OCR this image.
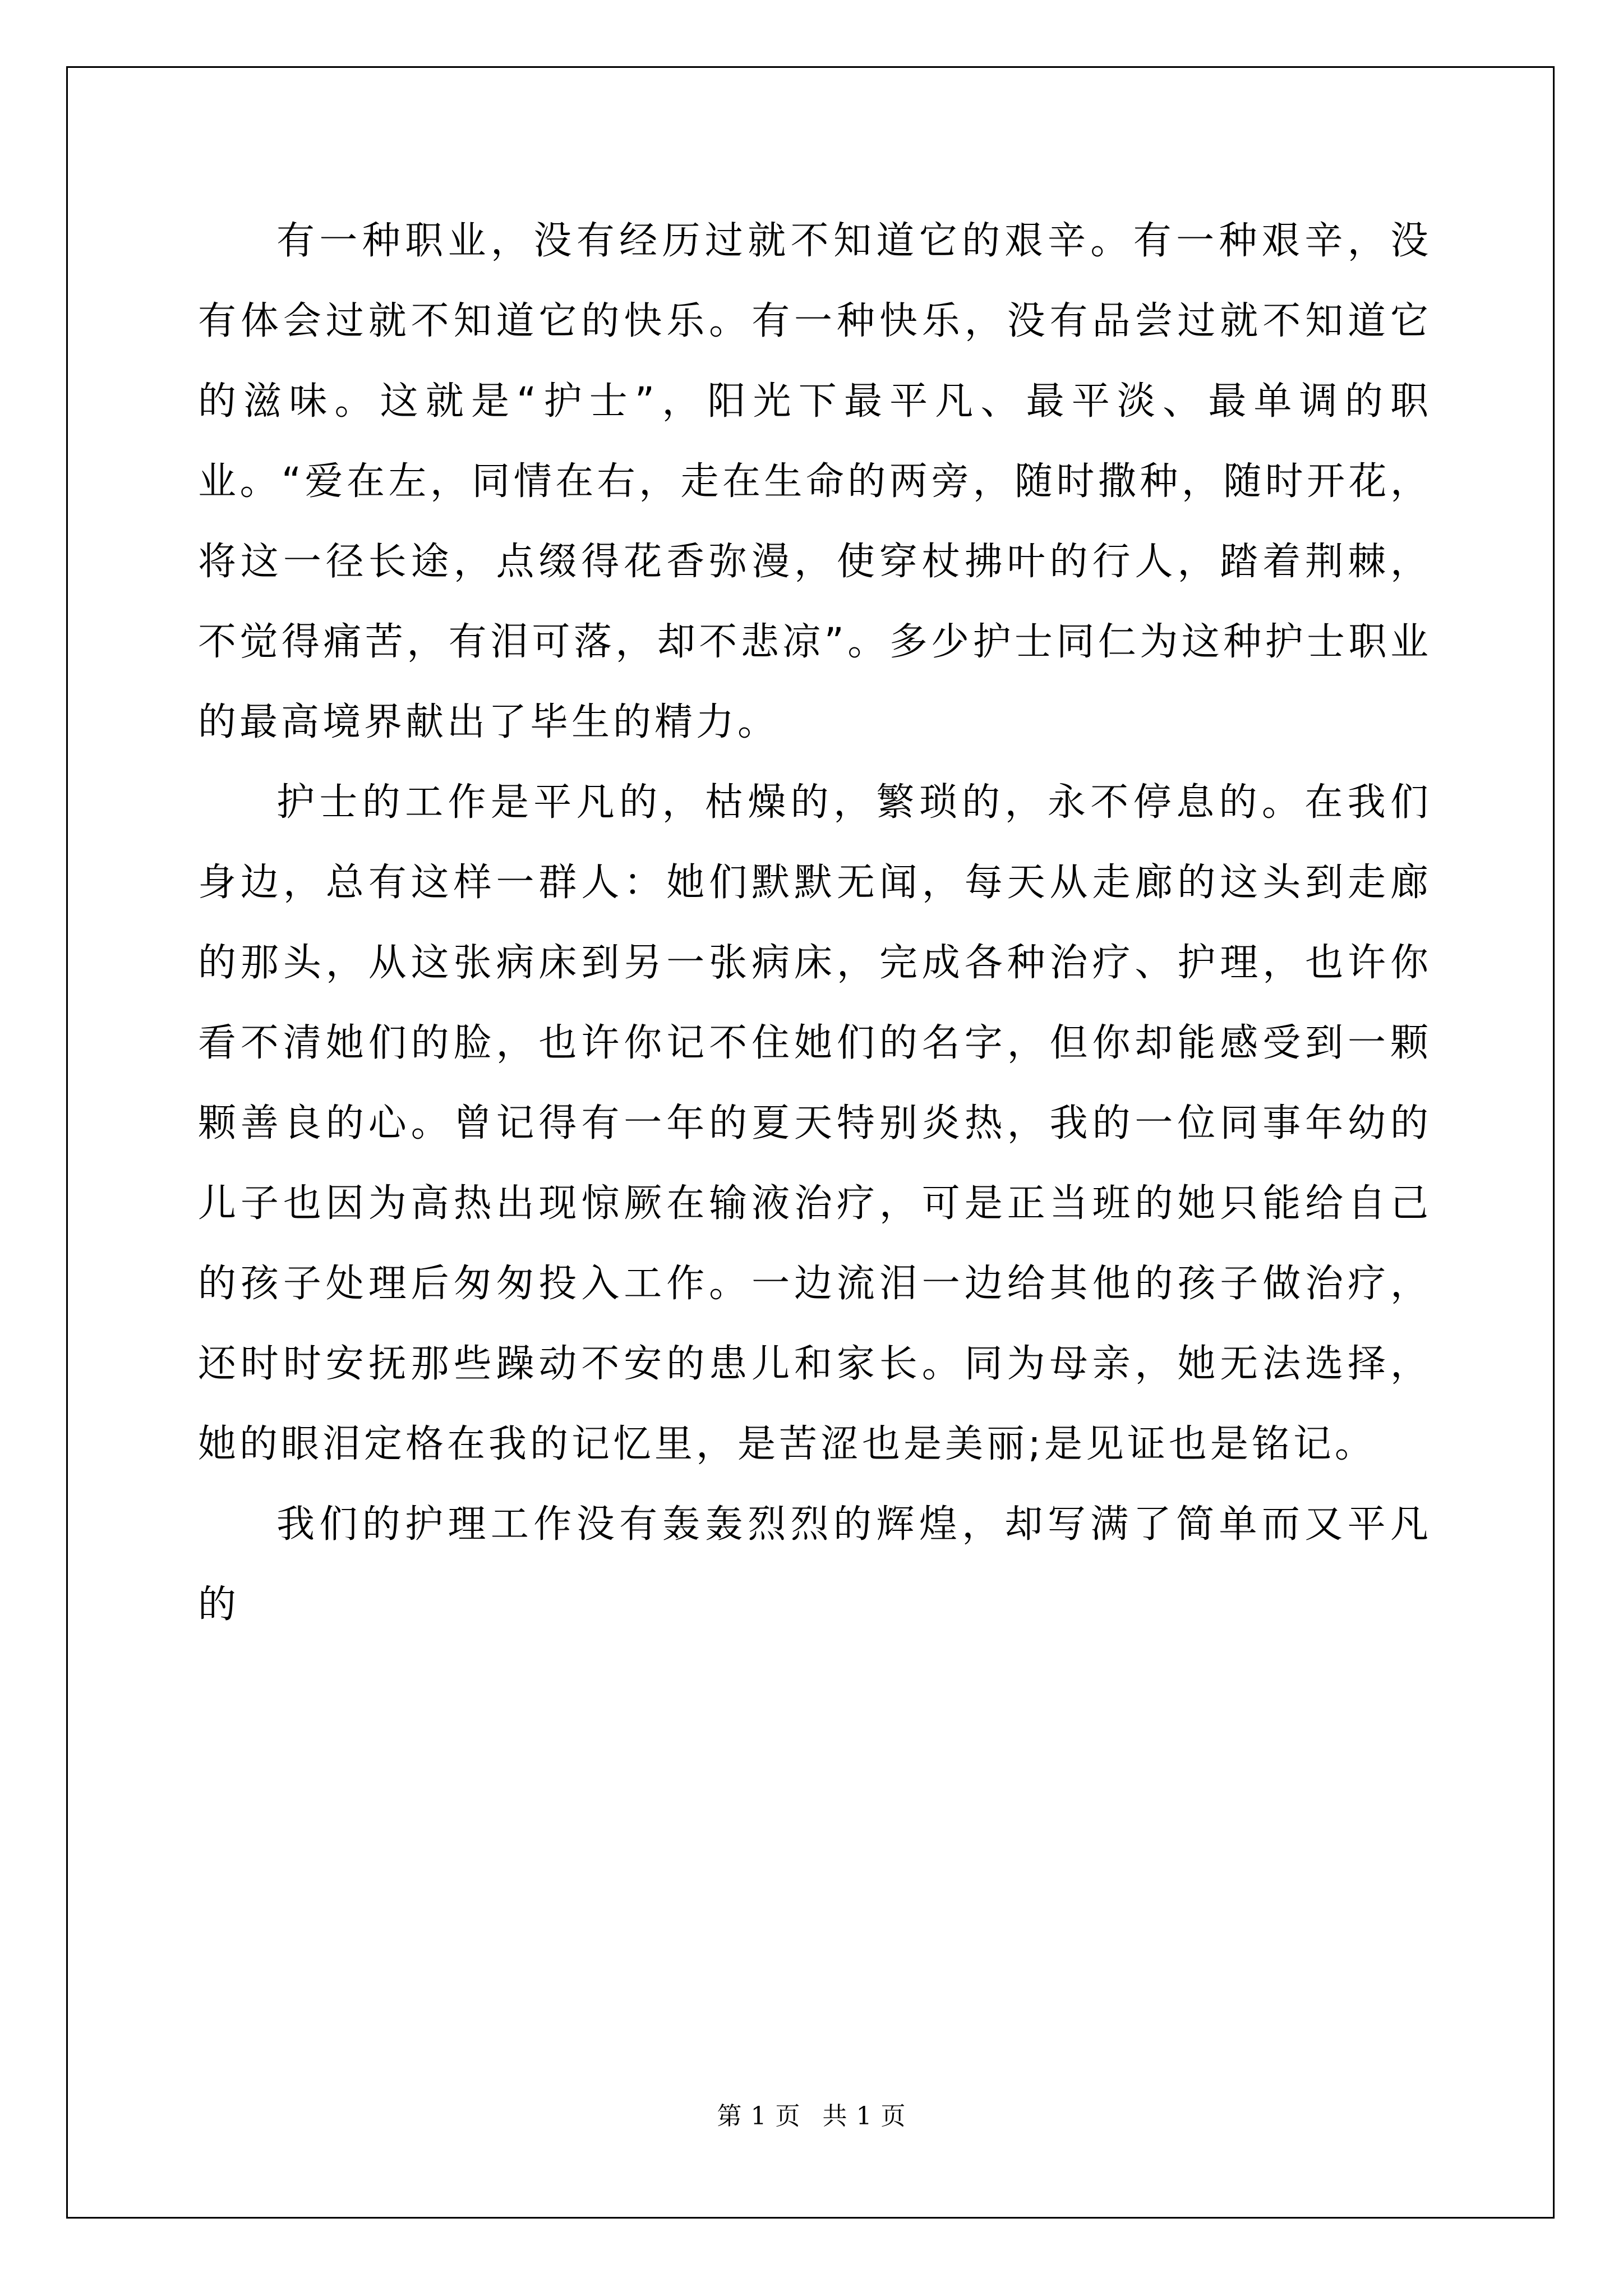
有一种职业，没有经历过就不知道它的艰辛。有一种艰辛，没有体会过就不知道它的快乐。有一种快乐，没有品尝过就不知道它的滋味。这就是“护士”，阳光下最平凡、最平淡、最单调的职业。“爱在左，同情在右，走在生命的两旁，随时撒种，随时开花，将这一径长途，点缀得花香弥漫，使穿杖拂叶的行人，踏着荆棘，不觉得痛苦，有泪可落，却不悲凉”。多少护士同仁为这种护士职业的最高境界献出了毕生的精力。

护士的工作是平凡的，枯燥的，繁琐的，永不停息的。在我们身边，总有这样一群人：她们默默无闻，每天从走廊的这头到走廊的那头，从这张病床到另一张病床，完成各种治疗、护理，也许你看不清她们的脸，也许你记不住她们的名字，但你却能感受到一颗颗善良的心。曾记得有一年的夏天特别炎热，我的一位同事年幼的儿子也因为高热出现惊厥在输液治疗，可是正当班的她只能给自己的孩子处理后匆匆投入工作。一边流泪一边给其他的孩子做治疗，还时时安抚那些躁动不安的患儿和家长。同为母亲，她无法选择，她的眼泪定格在我的记忆里，是苦涩也是美丽;是见证也是铭记。

我们的护理工作没有轰轰烈烈的辉煌，却写满了简单而又平凡的

第 1 页 共 1 页
